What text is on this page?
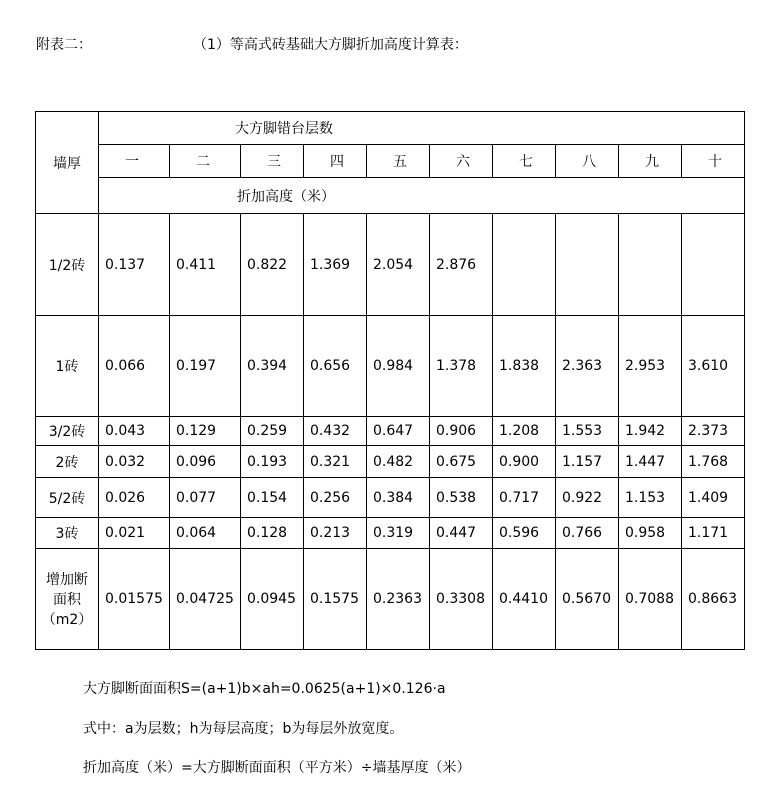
附表二：	（1）等高式砖基础大方脚折加高度计算表：
墙厚	大方脚错台层数									
	一	二	三	四	五	六	七	八	九	十
	折加高度（米）									
1/2砖	0.137	0.411	0.822	1.369	2.054	2.876				
1砖	0.066	0.197	0.394	0.656	0.984	1.378	1.838	2.363	2.953	3.610
3/2砖	0.043	0.129	0.259	0.432	0.647	0.906	1.208	1.553	1.942	2.373
2砖	0.032	0.096	0.193	0.321	0.482	0.675	0.900	1.157	1.447	1.768
5/2砖	0.026	0.077	0.154	0.256	0.384	0.538	0.717	0.922	1.153	1.409
3砖	0.021	0.064	0.128	0.213	0.319	0.447	0.596	0.766	0.958	1.171

增加断
面积
（m2）	0.01575	0.04725	0.0945	0.1575	0.2363	0.3308	0.4410	0.5670	0.7088	0.8663
大方脚断面面积S=(a+1)b×ah=0.0625(a+1)×0.126·a
式中：a为层数；h为每层高度；b为每层外放宽度。
折加高度（米）=大方脚断面面积（平方米）÷墙基厚度（米）
